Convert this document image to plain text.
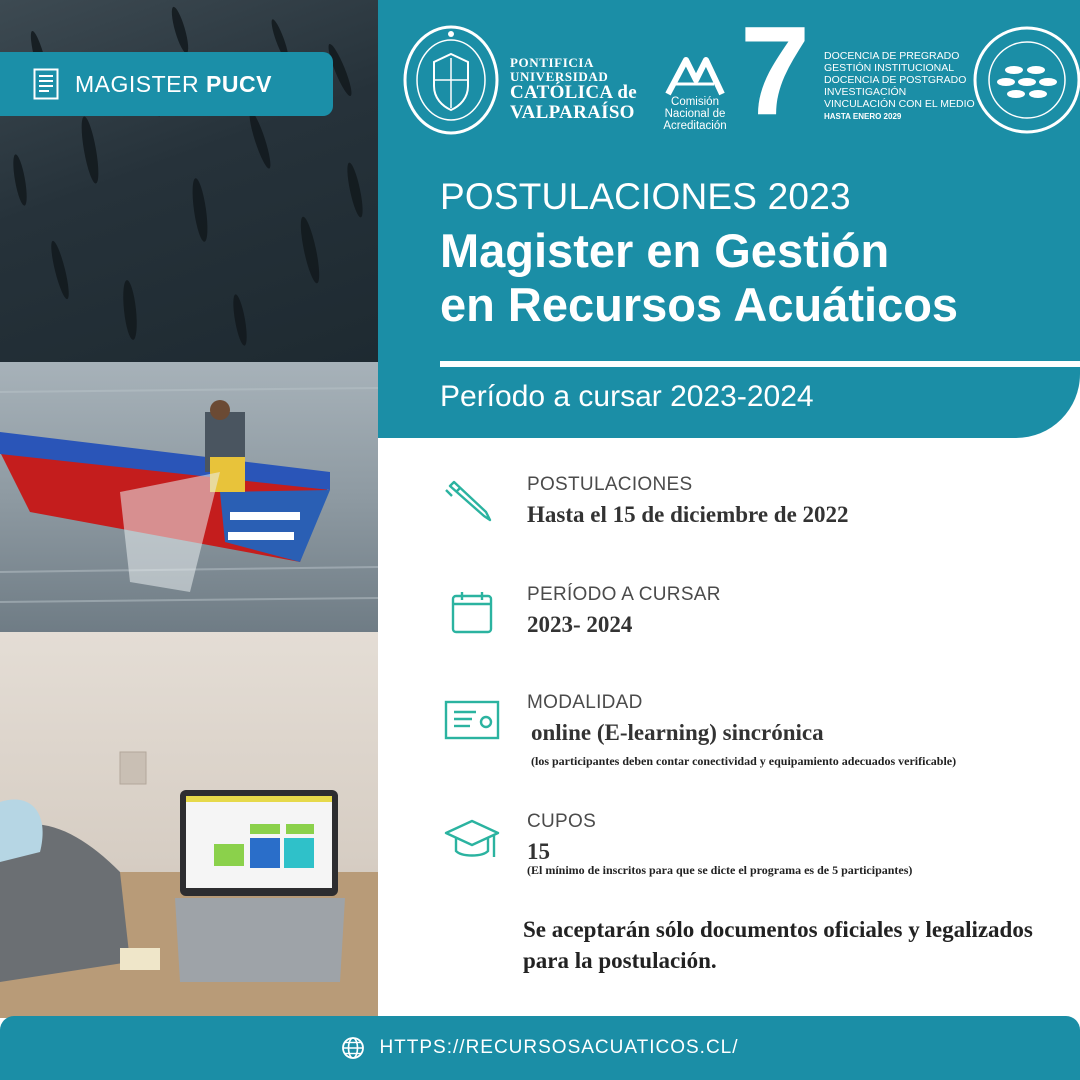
MAGISTER PUCV
PONTIFICIA
UNIVERSIDAD
CATÓLICA de
VALPARAÍSO
Comisión Nacional de Acreditación 7 DOCENCIA DE PREGRADO
GESTIÓN INSTITUCIONAL
DOCENCIA DE POSTGRADO
INVESTIGACIÓN
VINCULACIÓN CON EL MEDIO
HASTA ENERO 2029
POSTULACIONES 2023
Magister en Gestión
en Recursos Acuáticos
Período a cursar 2023-2024
POSTULACIONES
Hasta el 15 de diciembre de 2022
PERÍODO A CURSAR
2023- 2024
MODALIDAD
online (E-learning) sincrónica
(los participantes deben contar conectividad y equipamiento adecuados verificable)
CUPOS
15
(El mínimo de inscritos para que se dicte el programa es de 5 participantes)
Se aceptarán sólo documentos oficiales y legalizados para la postulación.
HTTPS://RECURSOSACUATICOS.CL/
